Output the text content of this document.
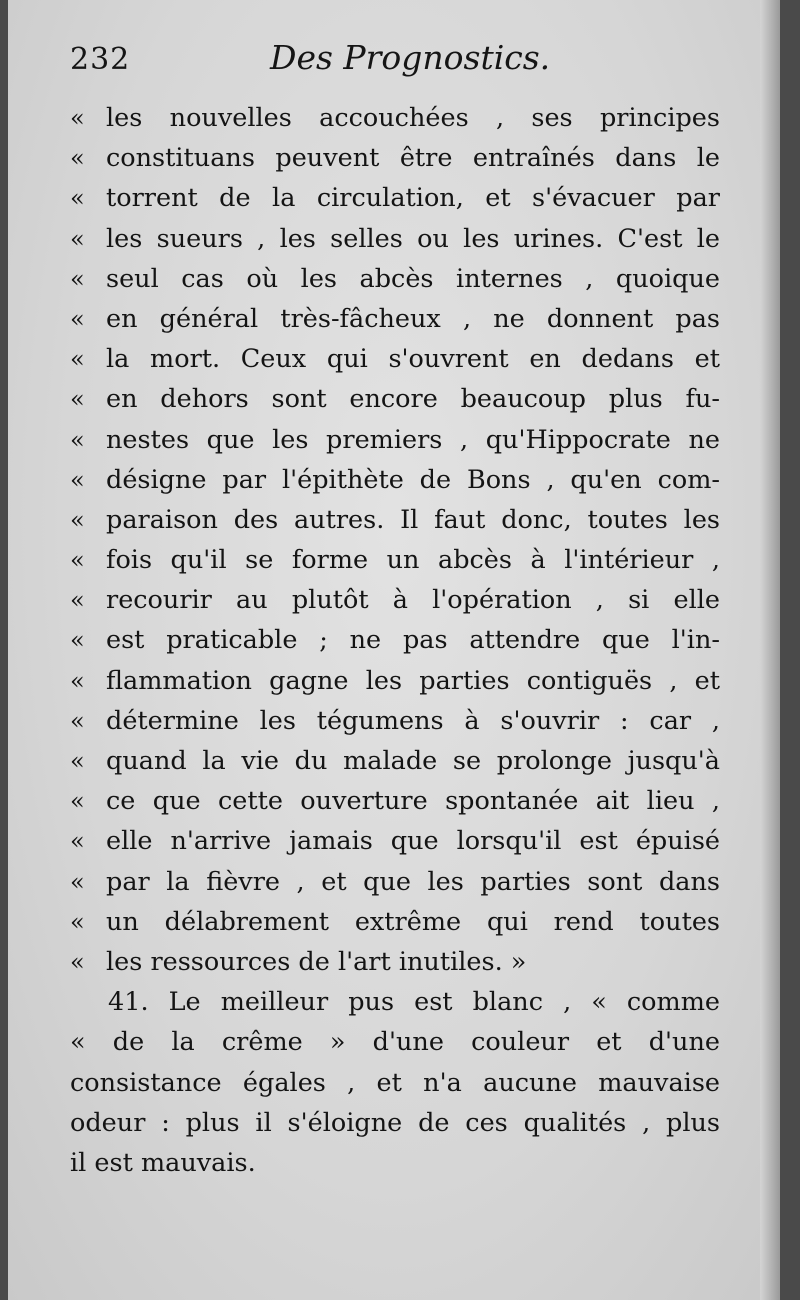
232	Des Prognostics.
« les nouvelles accouchées , ses principes
« constituans peuvent être entraînés dans le
« torrent de la circulation, et s'évacuer par
« les sueurs , les selles ou les urines. C'est le
« seul cas où les abcès internes , quoique
« en général très-fâcheux , ne donnent pas
« la mort. Ceux qui s'ouvrent en dedans et
« en dehors sont encore beaucoup plus fu-
« nestes que les premiers , qu'Hippocrate ne
« désigne par l'épithète de Bons , qu'en com-
« paraison des autres. Il faut donc, toutes les
« fois qu'il se forme un abcès à l'intérieur ,
« recourir au plutôt à l'opération , si elle
« est praticable ; ne pas attendre que l'in-
« flammation gagne les parties contiguës , et
« détermine les tégumens à s'ouvrir : car ,
« quand la vie du malade se prolonge jusqu'à
« ce que cette ouverture spontanée ait lieu ,
« elle n'arrive jamais que lorsqu'il est épuisé
« par la fièvre , et que les parties sont dans
« un délabrement extrême qui rend toutes
« les ressources de l'art inutiles. »
41. Le meilleur pus est blanc , « comme
« de la crême » d'une couleur et d'une
consistance égales , et n'a aucune mauvaise
odeur : plus il s'éloigne de ces qualités , plus
il est mauvais.
